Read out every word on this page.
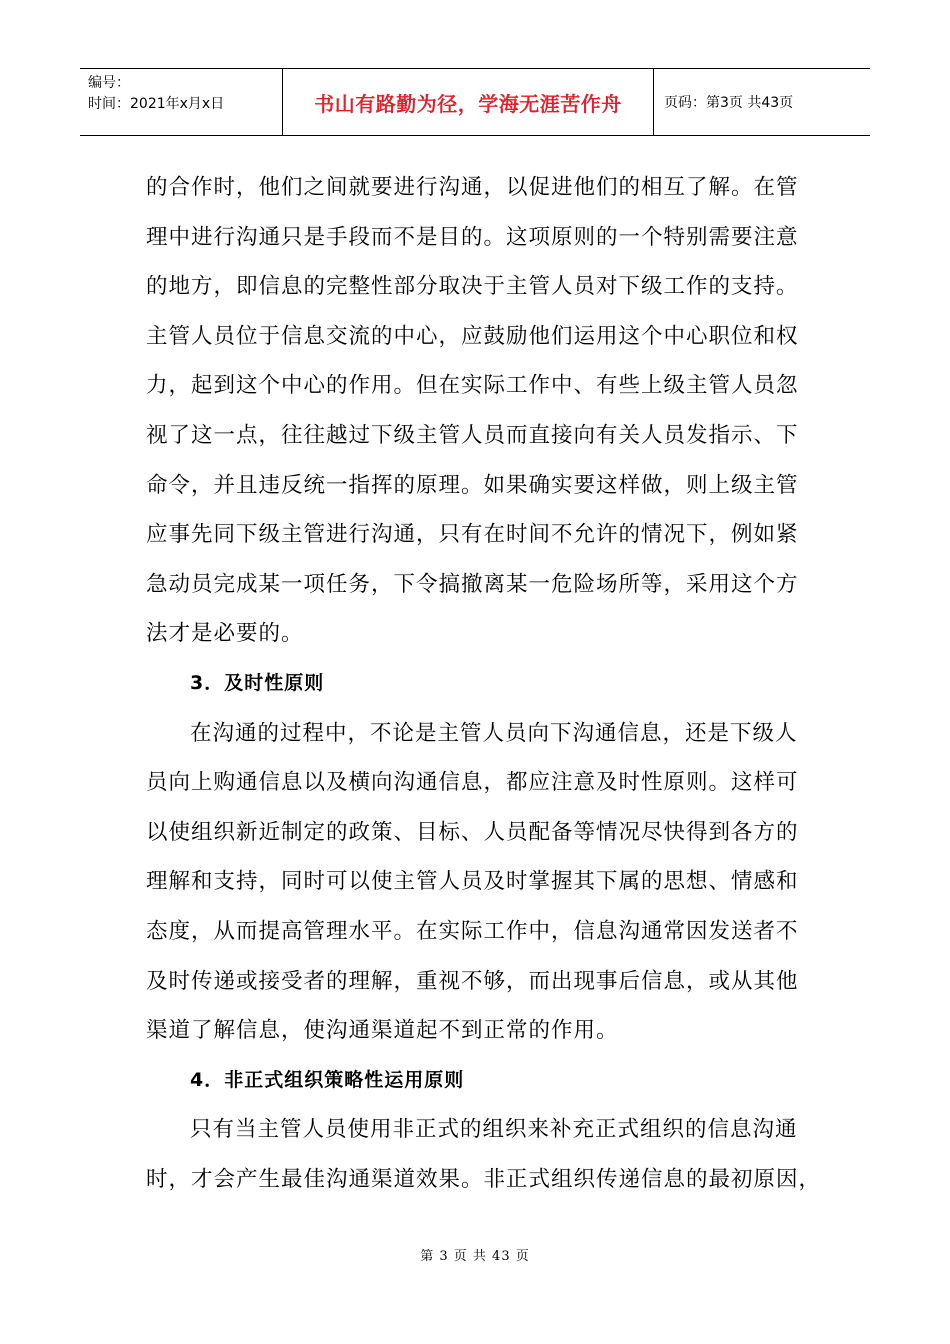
编号：
时间：2021年x月x日	书山有路勤为径，学海无涯苦作舟	页码：第3页 共43页

的合作时，他们之间就要进行沟通，以促进他们的相互了解。在管
理中进行沟通只是手段而不是目的。这项原则的一个特别需要注意
的地方，即信息的完整性部分取决于主管人员对下级工作的支持。
主管人员位于信息交流的中心，应鼓励他们运用这个中心职位和权
力，起到这个中心的作用。但在实际工作中、有些上级主管人员忽
视了这一点，往往越过下级主管人员而直接向有关人员发指示、下
命令，并且违反统一指挥的原理。如果确实要这样做，则上级主管
应事先同下级主管进行沟通，只有在时间不允许的情况下，例如紧
急动员完成某一项任务，下令搞撤离某一危险场所等，采用这个方
法才是必要的。

3．及时性原则

在沟通的过程中，不论是主管人员向下沟通信息，还是下级人
员向上购通信息以及横向沟通信息，都应注意及时性原则。这样可
以使组织新近制定的政策、目标、人员配备等情况尽快得到各方的
理解和支持，同时可以使主管人员及时掌握其下属的思想、情感和
态度，从而提高管理水平。在实际工作中，信息沟通常因发送者不
及时传递或接受者的理解，重视不够，而出现事后信息，或从其他
渠道了解信息，使沟通渠道起不到正常的作用。

4．非正式组织策略性运用原则

只有当主管人员使用非正式的组织来补充正式组织的信息沟通
时，才会产生最佳沟通渠道效果。非正式组织传递信息的最初原因，

第 3 页 共 43 页
